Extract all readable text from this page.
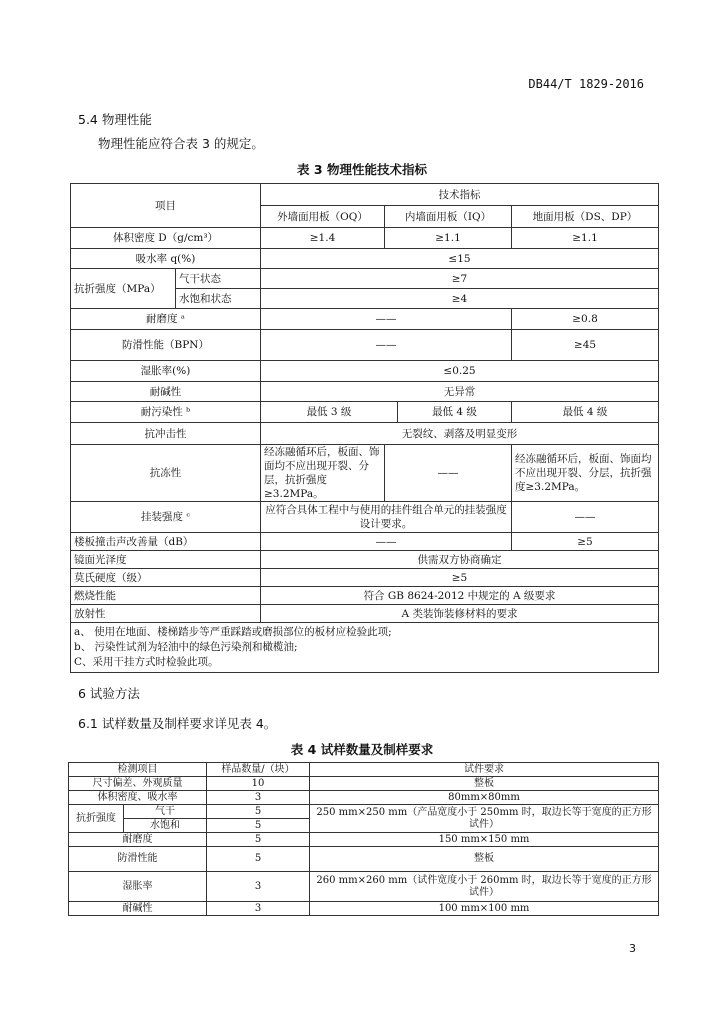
DB44/T 1829-2016
5.4 物理性能
物理性能应符合表 3 的规定。
表 3 物理性能技术指标
项目		技术指标			
		外墙面用板（OQ）	内墙面用板（IQ）		地面用板（DS、DP）
体积密度 D（g/cm³）		≥1.4	≥1.1		≥1.1
吸水率 q(%)		≤15			
抗折强度（MPa）	气干状态	≥7			
	水饱和状态	≥4			
耐磨度 ᵃ		——			≥0.8
防滑性能（BPN）		——			≥45
湿胀率(%)		≤0.25			
耐碱性		无异常			
耐污染性 ᵇ		最低 3 级		最低 4 级	最低 4 级
抗冲击性		无裂纹、剥落及明显变形			
抗冻性		经冻融循环后，板面、饰面均不应出现开裂、分层，抗折强度≥3.2MPa。	——		经冻融循环后，板面、饰面均不应出现开裂、分层，抗折强度≥3.2MPa。
挂装强度 ᶜ		应符合具体工程中与使用的挂件组合单元的挂装强度设计要求。			——
楼板撞击声改善量（dB）		——			≥5
镜面光泽度		供需双方协商确定			
莫氏硬度（级）		≥5			
燃烧性能		符合 GB 8624-2012 中规定的 A 级要求			
放射性		A 类装饰装修材料的要求			

a、 使用在地面、楼梯踏步等严重踩踏或磨损部位的板材应检验此项;
b、 污染性试剂为轻油中的绿色污染剂和橄榄油;
C、采用干挂方式时检验此项。					
6 试验方法
6.1 试样数量及制样要求详见表 4。
表 4 试样数量及制样要求
检测项目		样品数量/（块）	试件要求
尺寸偏差、外观质量		10	整板
体积密度、吸水率		3	80mm×80mm
抗折强度	气干	5	250 mm×250 mm（产品宽度小于 250mm 时，取边长等于宽度的正方形试件）
	水饱和	5	
耐磨度		5	150 mm×150 mm
防滑性能		5	整板
湿胀率		3	260 mm×260 mm（试件宽度小于 260mm 时，取边长等于宽度的正方形试件）
耐碱性		3	100 mm×100 mm
3
